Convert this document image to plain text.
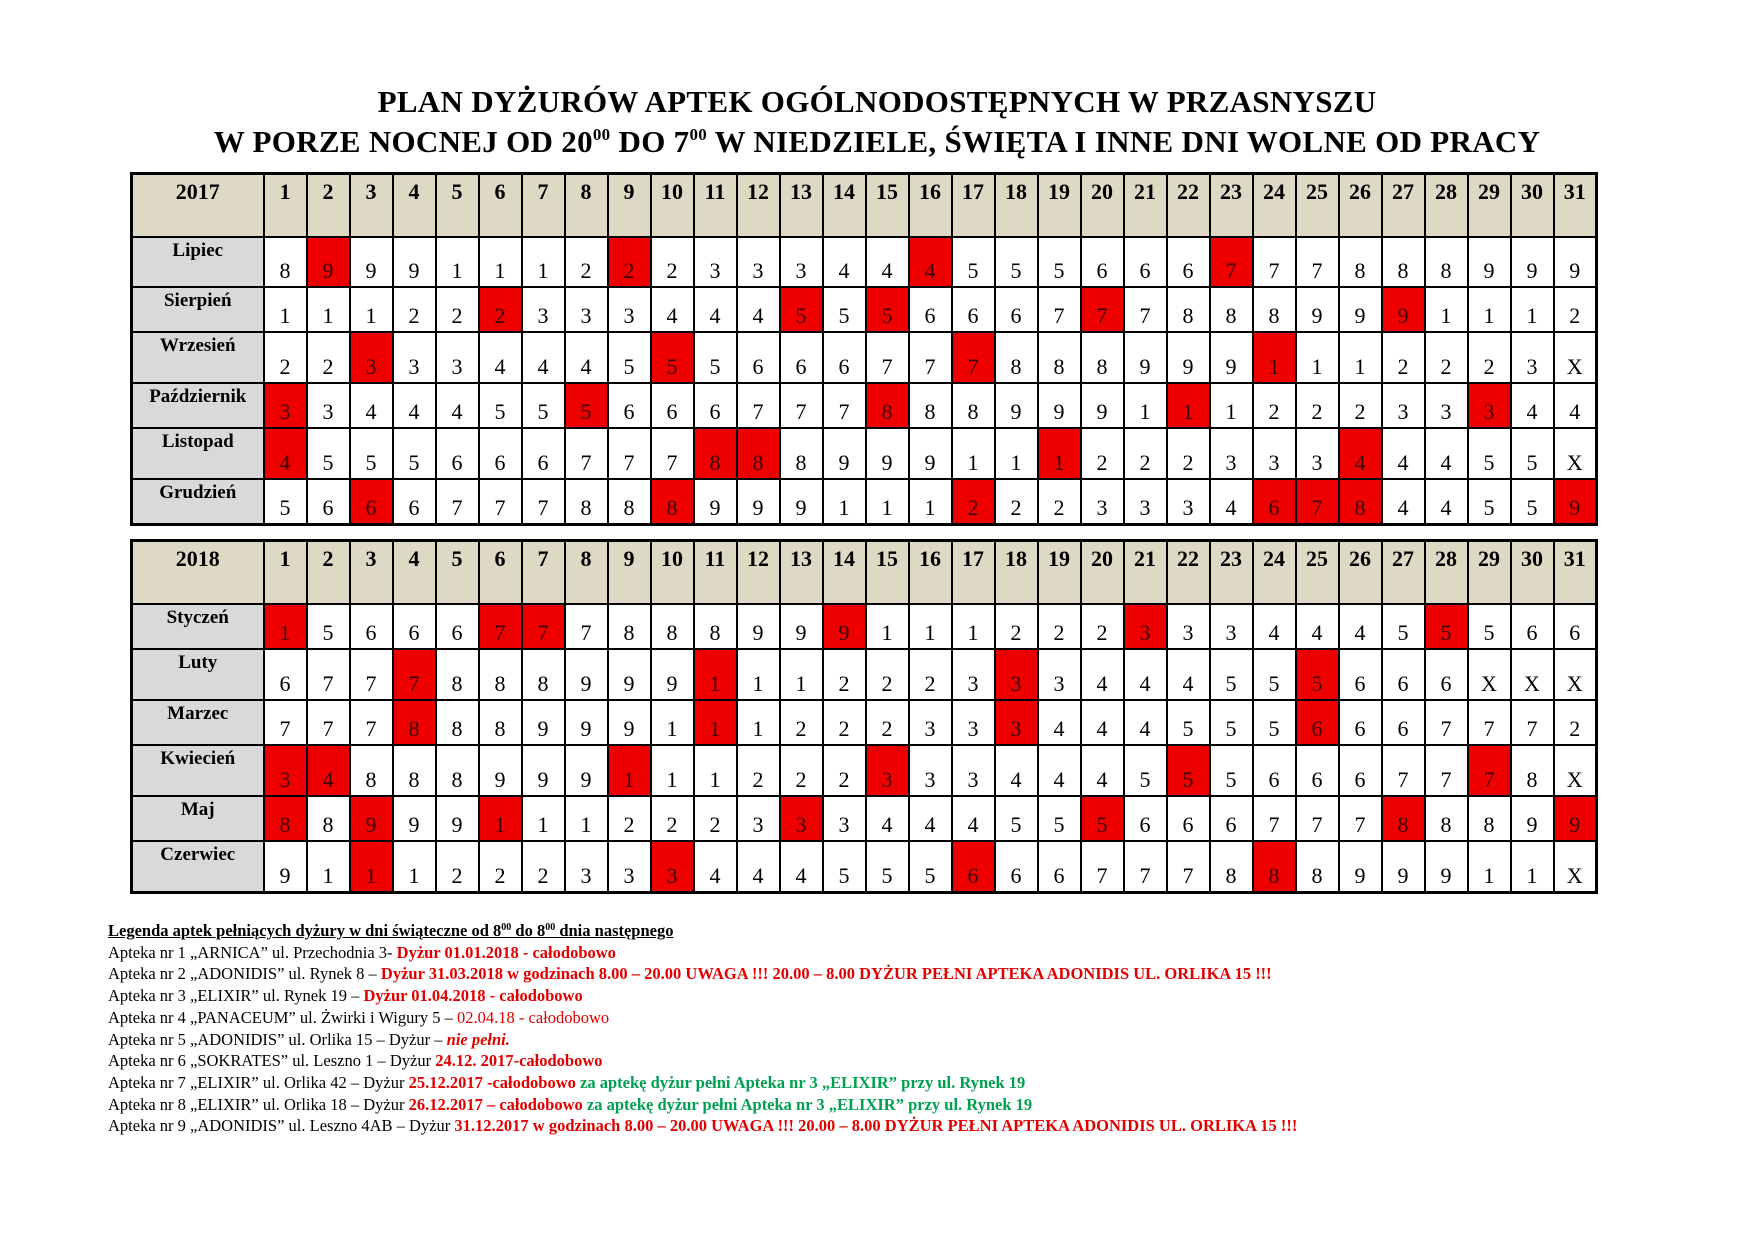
PLAN DYŻURÓW APTEK OGÓLNODOSTĘPNYCH W PRZASNYSZU
W PORZE NOCNEJ OD $20^{00}$ DO $7^{00}$ W NIEDZIELE, ŚWIĘTA I INNE DNI WOLNE OD PRACY
2017	1	2	3	4	5	6	7	8	9	10	11	12	13	14	15	16	17	18	19	20	21	22	23	24	25	26	27	28	29	30	31
Lipiec	8	9	9	9	1	1	1	2	2	2	3	3	3	4	4	4	5	5	5	6	6	6	7	7	7	8	8	8	9	9	9
Sierpień	1	1	1	2	2	2	3	3	3	4	4	4	5	5	5	6	6	6	7	7	7	8	8	8	9	9	9	1	1	1	2
Wrzesień	2	2	3	3	3	4	4	4	5	5	5	6	6	6	7	7	7	8	8	8	9	9	9	1	1	1	2	2	2	3	X
Październik	3	3	4	4	4	5	5	5	6	6	6	7	7	7	8	8	8	9	9	9	1	1	1	2	2	2	3	3	3	4	4
Listopad	4	5	5	5	6	6	6	7	7	7	8	8	8	9	9	9	1	1	1	2	2	2	3	3	3	4	4	4	5	5	X
Grudzień	5	6	6	6	7	7	7	8	8	8	9	9	9	1	1	1	2	2	2	3	3	3	4	6	7	8	4	4	5	5	9
2018	1	2	3	4	5	6	7	8	9	10	11	12	13	14	15	16	17	18	19	20	21	22	23	24	25	26	27	28	29	30	31
Styczeń	1	5	6	6	6	7	7	7	8	8	8	9	9	9	1	1	1	2	2	2	3	3	3	4	4	4	5	5	5	6	6
Luty	6	7	7	7	8	8	8	9	9	9	1	1	1	2	2	2	3	3	3	4	4	4	5	5	5	6	6	6	X	X	X
Marzec	7	7	7	8	8	8	9	9	9	1	1	1	2	2	2	3	3	3	4	4	4	5	5	5	6	6	6	7	7	7	2
Kwiecień	3	4	8	8	8	9	9	9	1	1	1	2	2	2	3	3	3	4	4	4	5	5	5	6	6	6	7	7	7	8	X
Maj	8	8	9	9	9	1	1	1	2	2	2	3	3	3	4	4	4	5	5	5	6	6	6	7	7	7	8	8	8	9	9
Czerwiec	9	1	1	1	2	2	2	3	3	3	4	4	4	5	5	5	6	6	6	7	7	7	8	8	8	9	9	9	1	1	X
Legenda aptek pełniących dyżury w dni świąteczne od $8^{00}$ do $8^{00}$ dnia następnego
Apteka nr 1 „ARNICA” ul. Przechodnia 3- Dyżur 01.01.2018 - całodobowo
Apteka nr 2 „ADONIDIS” ul. Rynek 8 – Dyżur 31.03.2018 w godzinach 8.00 – 20.00 UWAGA !!! 20.00 – 8.00 DYŻUR PEŁNI APTEKA ADONIDIS UL. ORLIKA 15 !!!
Apteka nr 3 „ELIXIR” ul. Rynek 19 – Dyżur 01.04.2018 - całodobowo
Apteka nr 4 „PANACEUM” ul. Żwirki i Wigury 5 – 02.04.18 - całodobowo
Apteka nr 5 „ADONIDIS” ul. Orlika 15 – Dyżur – nie pełni.
Apteka nr 6 „SOKRATES” ul. Leszno 1 – Dyżur 24.12. 2017-całodobowo
Apteka nr 7 „ELIXIR” ul. Orlika 42 – Dyżur 25.12.2017 -całodobowo za aptekę dyżur pełni Apteka nr 3 „ELIXIR” przy ul. Rynek 19
Apteka nr 8 „ELIXIR” ul. Orlika 18 – Dyżur 26.12.2017 – całodobowo za aptekę dyżur pełni Apteka nr 3 „ELIXIR” przy ul. Rynek 19
Apteka nr 9 „ADONIDIS” ul. Leszno 4AB – Dyżur 31.12.2017 w godzinach 8.00 – 20.00 UWAGA !!! 20.00 – 8.00 DYŻUR PEŁNI APTEKA ADONIDIS UL. ORLIKA 15 !!!
